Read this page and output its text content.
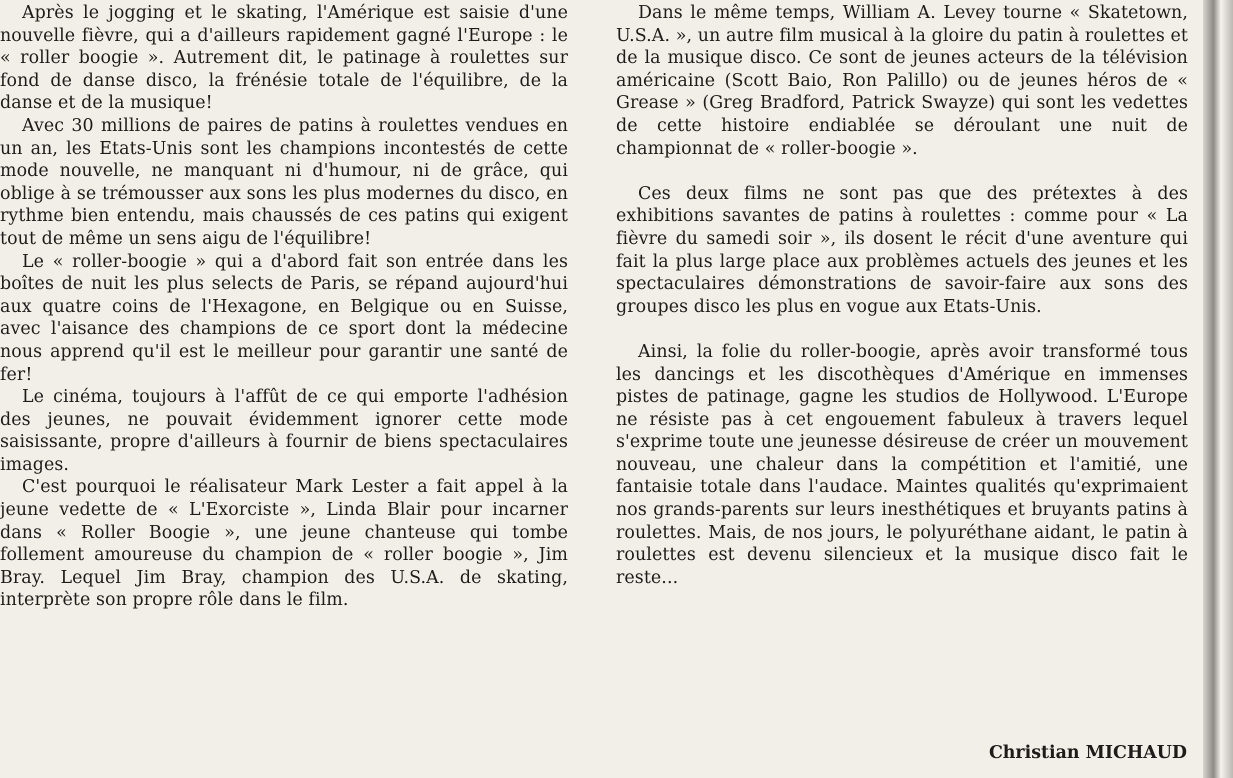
Après le jogging et le skating, l'Amérique est saisie d'une nouvelle fièvre, qui a d'ailleurs rapidement gagné l'Europe : le « roller boogie ». Autrement dit, le patinage à roulettes sur fond de danse disco, la frénésie totale de l'équilibre, de la danse et de la musique!

Avec 30 millions de paires de patins à roulettes vendues en un an, les Etats-Unis sont les champions incontestés de cette mode nouvelle, ne manquant ni d'humour, ni de grâce, qui oblige à se trémousser aux sons les plus modernes du disco, en rythme bien entendu, mais chaussés de ces patins qui exigent tout de même un sens aigu de l'équilibre!

Le « roller-boogie » qui a d'abord fait son entrée dans les boîtes de nuit les plus selects de Paris, se répand aujourd'hui aux quatre coins de l'Hexagone, en Belgique ou en Suisse, avec l'aisance des champions de ce sport dont la médecine nous apprend qu'il est le meilleur pour garantir une santé de fer!

Le cinéma, toujours à l'affût de ce qui emporte l'adhésion des jeunes, ne pouvait évidemment ignorer cette mode saisissante, propre d'ailleurs à fournir de biens spectaculaires images.

C'est pourquoi le réalisateur Mark Lester a fait appel à la jeune vedette de « L'Exorciste », Linda Blair pour incarner dans « Roller Boogie », une jeune chanteuse qui tombe follement amoureuse du champion de « roller boogie », Jim Bray. Lequel Jim Bray, champion des U.S.A. de skating, interprète son propre rôle dans le film.

Dans le même temps, William A. Levey tourne « Skatetown, U.S.A. », un autre film musical à la gloire du patin à roulettes et de la musique disco. Ce sont de jeunes acteurs de la télévision américaine (Scott Baio, Ron Palillo) ou de jeunes héros de « Grease » (Greg Bradford, Patrick Swayze) qui sont les vedettes de cette histoire endiablée se déroulant une nuit de championnat de « roller-boogie ».

Ces deux films ne sont pas que des prétextes à des exhibitions savantes de patins à roulettes : comme pour « La fièvre du samedi soir », ils dosent le récit d'une aventure qui fait la plus large place aux problèmes actuels des jeunes et les spectaculaires démonstrations de savoir-faire aux sons des groupes disco les plus en vogue aux Etats-Unis.

Ainsi, la folie du roller-boogie, après avoir transformé tous les dancings et les discothèques d'Amérique en immenses pistes de patinage, gagne les studios de Hollywood. L'Europe ne résiste pas à cet engouement fabuleux à travers lequel s'exprime toute une jeunesse désireuse de créer un mouvement nouveau, une chaleur dans la compétition et l'amitié, une fantaisie totale dans l'audace. Maintes qualités qu'exprimaient nos grands-parents sur leurs inesthétiques et bruyants patins à roulettes. Mais, de nos jours, le polyuréthane aidant, le patin à roulettes est devenu silencieux et la musique disco fait le reste...

Christian MICHAUD
